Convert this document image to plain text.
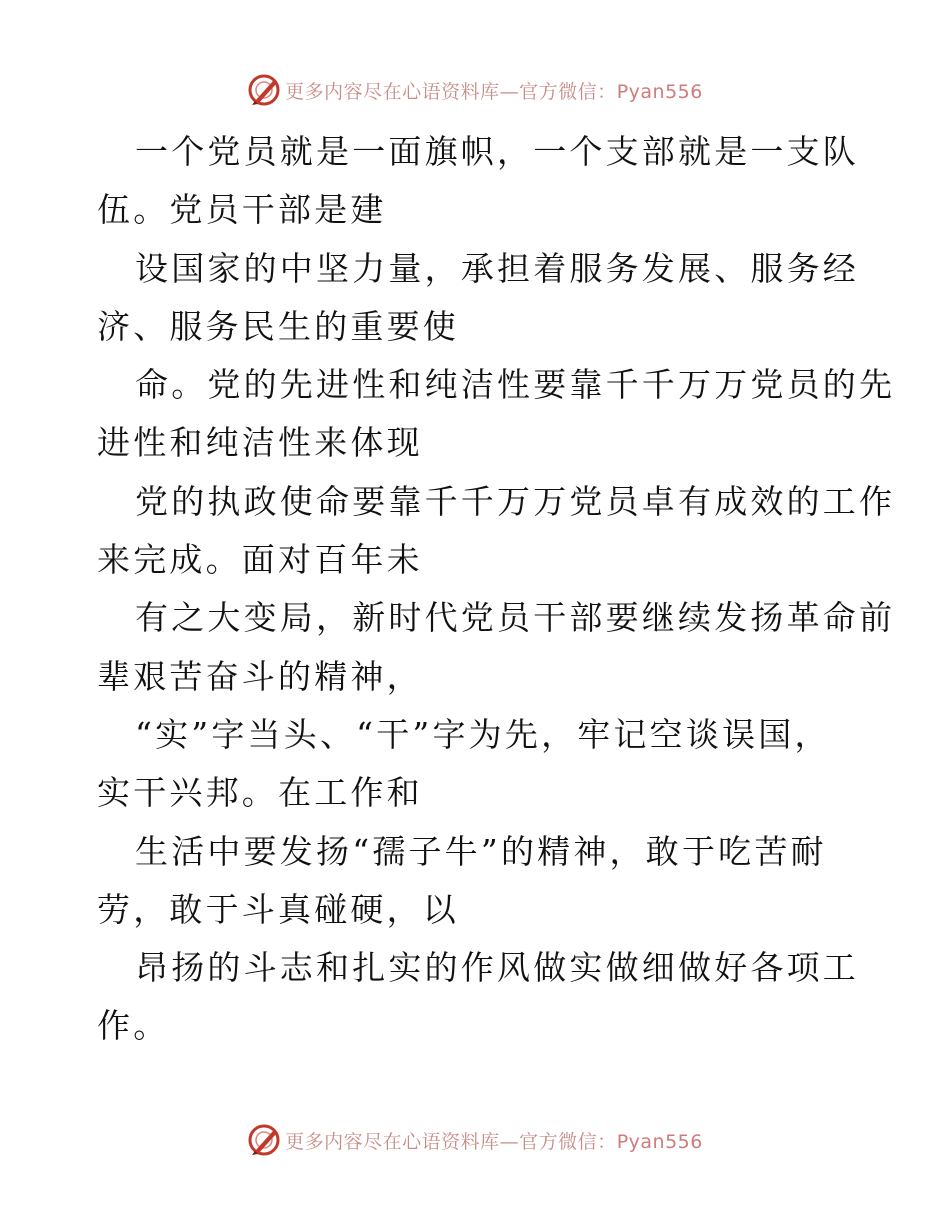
更多内容尽在心语资料库—官方微信：Pyan556
一个党员就是一面旗帜，一个支部就是一支队
伍。党员干部是建
设国家的中坚力量，承担着服务发展、服务经
济、服务民生的重要使
命。党的先进性和纯洁性要靠千千万万党员的先
进性和纯洁性来体现
党的执政使命要靠千千万万党员卓有成效的工作
来完成。面对百年未
有之大变局，新时代党员干部要继续发扬革命前
辈艰苦奋斗的精神，
“实”字当头、“干”字为先，牢记空谈误国，
实干兴邦。在工作和
生活中要发扬“孺子牛”的精神，敢于吃苦耐
劳，敢于斗真碰硬，以
昂扬的斗志和扎实的作风做实做细做好各项工
作。
更多内容尽在心语资料库—官方微信：Pyan556
